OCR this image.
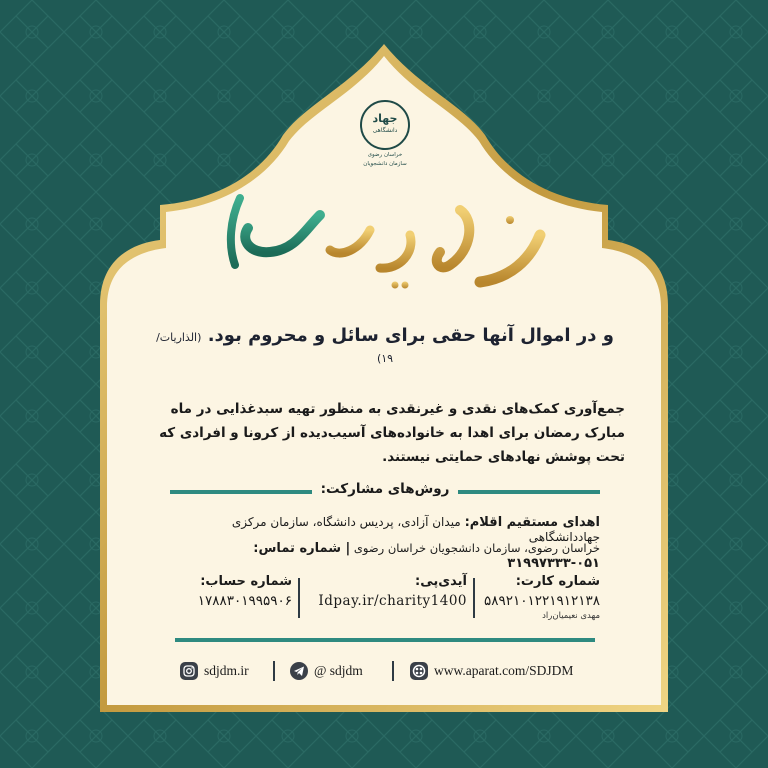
جهاد
دانشگاهی
خراسان رضوی
سازمان دانشجویان
نان و پنیر و همدلی
و در اموال آنها حقی برای سائل و محروم بود. (الذاریات/۱۹)
جمع‌آوری کمک‌های نقدی و غیرنقدی به منظور تهیه سبدغذایی در ماه مبارک رمضان برای اهدا به خانواده‌های آسیب‌دیده از کرونا و افرادی که تحت پوشش نهادهای حمایتی نیستند.
روش‌های مشارکت:
اهدای مستقیم اقلام: میدان آزادی، پردیس دانشگاه، سازمان مرکزی جهاددانشگاهی
خراسان رضوی، سازمان دانشجویان خراسان رضوی | شماره تماس: ۰۵۱-۳۱۹۹۷۳۳۳
شماره کارت:
۵۸۹۲۱۰۱۲۲۱۹۱۲۱۳۸
مهدی نعیمیان‌راد
آیدی‌پی:
Idpay.ir/charity1400
شماره حساب:
۱۷۸۸۳۰۱۹۹۵۹۰۶
www.aparat.com/SDJDM
@ sdjdm
sdjdm.ir
